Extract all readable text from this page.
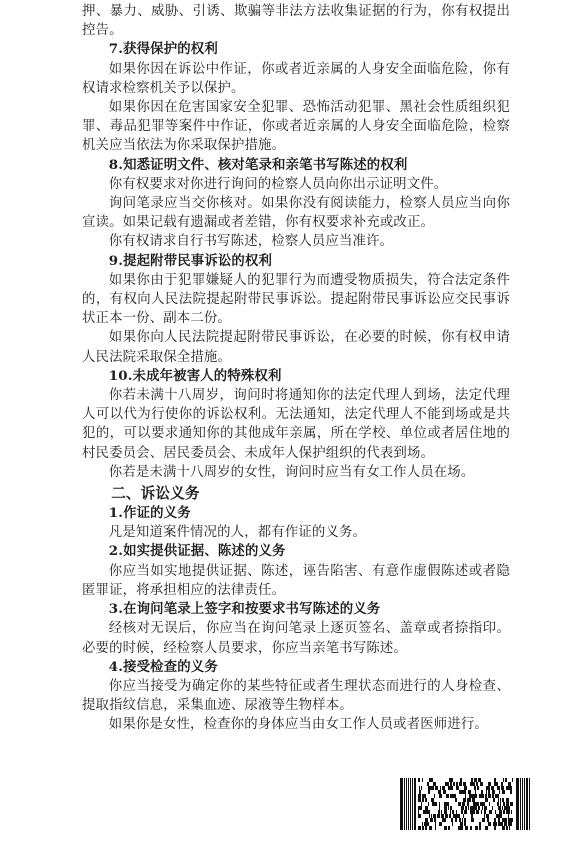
押、暴力、威胁、引诱、欺骗等非法方法收集证据的行为，你有权提出控告。

7.获得保护的权利

如果你因在诉讼中作证，你或者近亲属的人身安全面临危险，你有权请求检察机关予以保护。

如果你因在危害国家安全犯罪、恐怖活动犯罪、黑社会性质组织犯罪、毒品犯罪等案件中作证，你或者近亲属的人身安全面临危险，检察机关应当依法为你采取保护措施。

8.知悉证明文件、核对笔录和亲笔书写陈述的权利

你有权要求对你进行询问的检察人员向你出示证明文件。

询问笔录应当交你核对。如果你没有阅读能力，检察人员应当向你宣读。如果记载有遗漏或者差错，你有权要求补充或改正。

你有权请求自行书写陈述，检察人员应当准许。

9.提起附带民事诉讼的权利

如果你由于犯罪嫌疑人的犯罪行为而遭受物质损失，符合法定条件的，有权向人民法院提起附带民事诉讼。提起附带民事诉讼应交民事诉状正本一份、副本二份。

如果你向人民法院提起附带民事诉讼，在必要的时候，你有权申请人民法院采取保全措施。

10.未成年被害人的特殊权利

你若未满十八周岁，询问时将通知你的法定代理人到场，法定代理人可以代为行使你的诉讼权利。无法通知，法定代理人不能到场或是共犯的，可以要求通知你的其他成年亲属，所在学校、单位或者居住地的村民委员会、居民委员会、未成年人保护组织的代表到场。

你若是未满十八周岁的女性，询问时应当有女工作人员在场。

二、诉讼义务

1.作证的义务

凡是知道案件情况的人，都有作证的义务。

2.如实提供证据、陈述的义务

你应当如实地提供证据、陈述，诬告陷害、有意作虚假陈述或者隐匿罪证，将承担相应的法律责任。

3.在询问笔录上签字和按要求书写陈述的义务

经核对无误后，你应当在询问笔录上逐页签名、盖章或者捺指印。必要的时候，经检察人员要求，你应当亲笔书写陈述。

4.接受检查的义务

你应当接受为确定你的某些特征或者生理状态而进行的人身检查、提取指纹信息，采集血迹、尿液等生物样本。

如果你是女性，检查你的身体应当由女工作人员或者医师进行。
